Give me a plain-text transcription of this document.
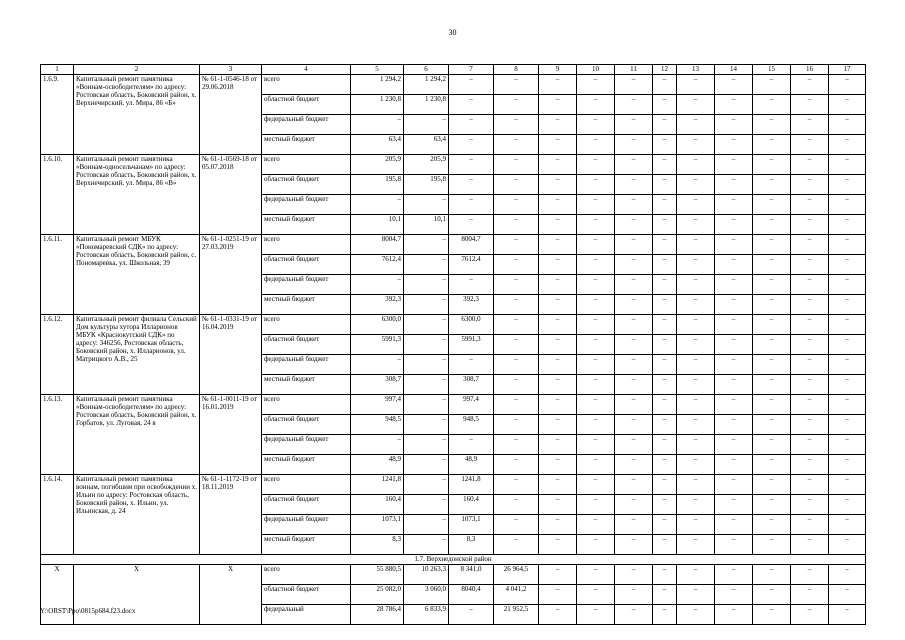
30
1	2	3	4	5	6	7	8	9	10	11	12	13	14	15	16	17
1.6.9.	Капитальный ремонт памятника «Воинам-освободителям» по адресу: Ростовская область, Боковский район, х. Верхнечирский, ул. Мира, 86 «Б»	№ 61-1-0546-18 от 29.06.2018	всего	1 294,2	1 294,2	–	–	–	–	–	–	–	–	–	–	–
			областной бюджет	1 230,8	1 230,8	–	–	–	–	–	–	–	–	–	–	–
			федеральный бюджет	–	–	–	–	–	–	–	–	–	–	–	–	–
			местный бюджет	63,4	63,4	–	–	–	–	–	–	–	–	–	–	–
1.6.10.	Капитальный ремонт памятника «Воинам-односельчанам» по адресу: Ростовская область, Боковский район, х. Верхнечирский, ул. Мира, 86 «В»	№ 61-1-0569-18 от 05.07.2018	всего	205,9	205,9	–	–	–	–	–	–	–	–	–	–	–
			областной бюджет	195,8	195,8	–	–	–	–	–	–	–	–	–	–	–
			федеральный бюджет	–	–	–	–	–	–	–	–	–	–	–	–	–
			местный бюджет	10,1	10,1	–	–	–	–	–	–	–	–	–	–	–
1.6.11.	Капитальный ремонт МБУК «Пономаревский СДК» по адресу: Ростовская область, Боковский район, с. Пономаревка, ул. Школьная, 39	№ 61-1-0251-19 от 27.03.2019	всего	8004,7	–	8004,7	–	–	–	–	–	–	–	–	–	–
			областной бюджет	7612,4	–	7612,4	–	–	–	–	–	–	–	–	–	–
			федеральный бюджет	–	–	–	–	–	–	–	–	–	–	–	–	–
			местный бюджет	392,3	–	392,3	–	–	–	–	–	–	–	–	–	–
1.6.12.	Капитальный ремонт филиала Сельский Дом культуры хутора Илларионов МБУК «Краснокутский СДК» по адресу: 346256, Ростовская область, Боковский район, х. Илларионов, ул. Матрицкого А.В., 25	№ 61-1-0331-19 от 16.04.2019	всего	6300,0	–	6300,0	–	–	–	–	–	–	–	–	–	–
			областной бюджет	5991,3	–	5991,3	–	–	–	–	–	–	–	–	–	–
			федеральный бюджет	–	–	–	–	–	–	–	–	–	–	–	–	–
			местный бюджет	308,7	–	308,7	–	–	–	–	–	–	–	–	–	–
1.6.13.	Капитальный ремонт памятника «Воинам-освободителям» по адресу: Ростовская область, Боковский район, х. Горбатов, ул. Луговая, 24 в	№ 61-1-0011-19 от 16.01.2019	всего	997,4	–	997,4	–	–	–	–	–	–	–	–	–	–
			областной бюджет	948,5	–	948,5	–	–	–	–	–	–	–	–	–	–
			федеральный бюджет	–	–	–	–	–	–	–	–	–	–	–	–	–
			местный бюджет	48,9	–	48,9	–	–	–	–	–	–	–	–	–	–
1.6.14.	Капитальный ремонт памятника воинам, погибшим при освобождении х. Ильин по адресу: Ростовская область, Боковский район, х. Ильин, ул. Ильинская, д. 24	№ 61-1-1172-19 от 18.11.2019	всего	1241,8	–	1241,8	–	–	–	–	–	–	–	–	–	–
			областной бюджет	160,4	–	160,4	–	–	–	–	–	–	–	–	–	–
			федеральный бюджет	1073,1	–	1073,1	–	–	–	–	–	–	–	–	–	–
			местный бюджет	8,3	–	8,3	–	–	–	–	–	–	–	–	–	–
1.7. Верхнедонской район																
Х	Х	Х	всего	55 880,5	10 263,3	8 341,0	26 964,5	–	–	–	–	–	–	–	–	–
			областной бюджет	25 082,0	3 060,0	8040,4	4 041,2	–	–	–	–	–	–	–	–	–
			федеральный	28 786,4	6 833,9	–	21 952,5	–	–	–	–	–	–	–	–	–
Y:\ORST\Ppo\0815p684.f23.docx
